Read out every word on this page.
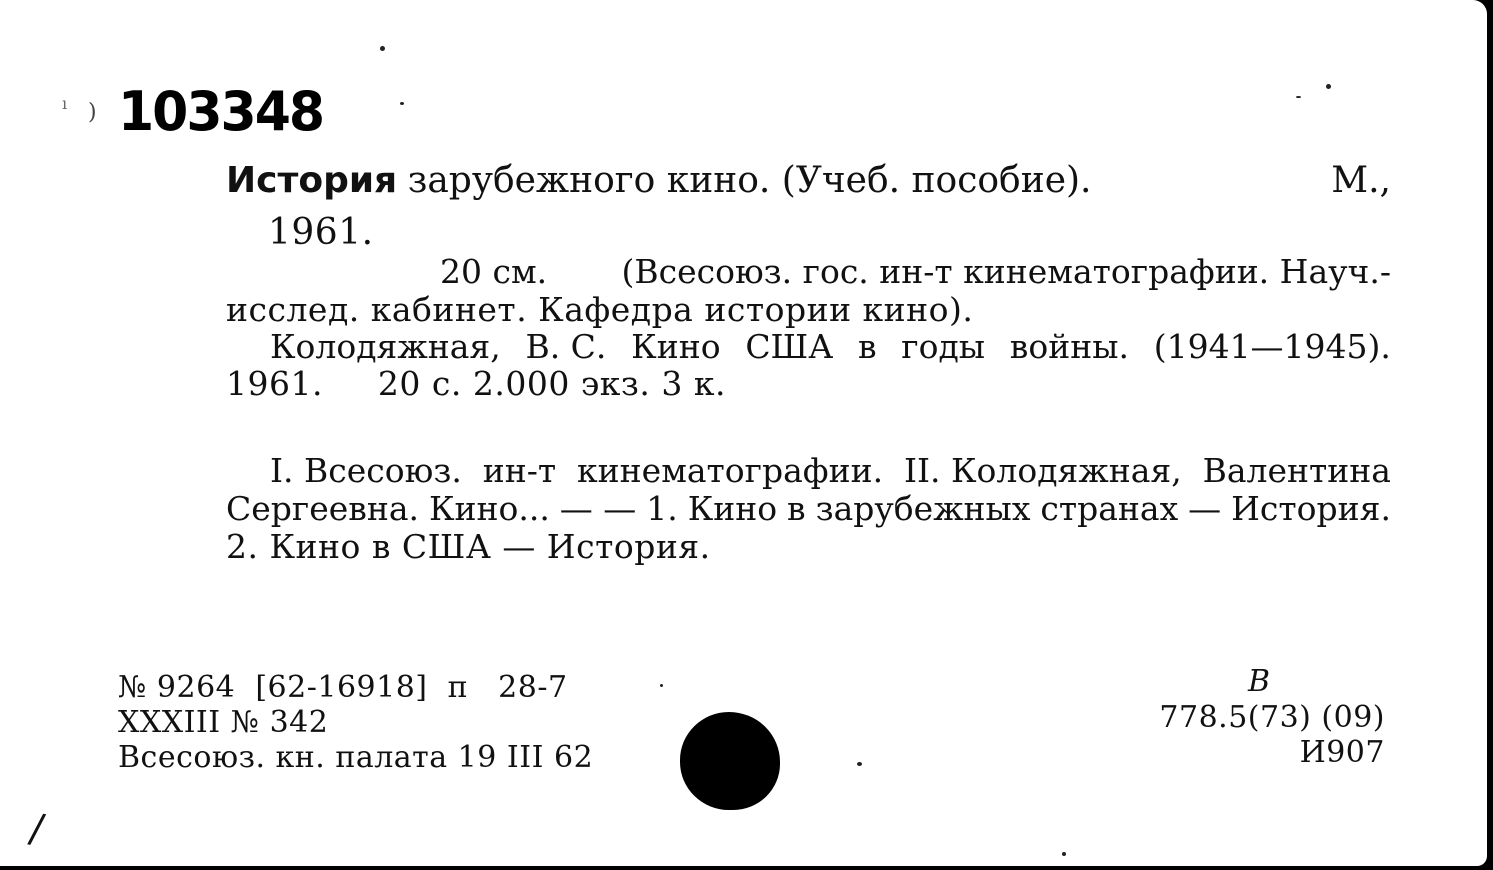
ı ) 103348
История зарубежного кино. (Учеб. пособие).	М.,
1961.
20 см. (Всесоюз. гос. ин-т кинематографии. Науч.-
исслед. кабинет. Кафедра истории кино).
Колодяжная, В. С. Кино США в годы войны. (1941—1945).
1961.     20 с. 2.000 экз. 3 к.
I. Всесоюз. ин-т кинематографии. II. Колодяжная, Валентина
Сергеевна. Кино... — — 1. Кино в зарубежных странах — История.
2. Кино в США — История.
№ 9264  [62-16918]  п   28-7
XXXIII № 342
Всесоюз. кн. палата 19 III 62
В
778.5(73) (09)
И907
/
